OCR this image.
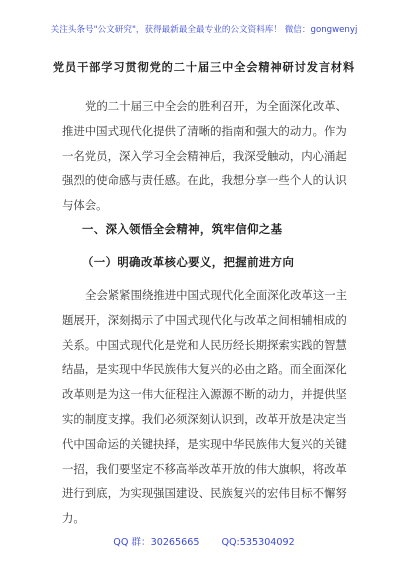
关注头条号"公文研究"，获得最新最全最专业的公文资料库！ 微信：gongwenyj
党员干部学习贯彻党的二十届三中全会精神研讨发言材料
党的二十届三中全会的胜利召开，为全面深化改革、
推进中国式现代化提供了清晰的指南和强大的动力。作为
一名党员，深入学习全会精神后，我深受触动，内心涌起
强烈的使命感与责任感。在此，我想分享一些个人的认识
与体会。
一、深入领悟全会精神，筑牢信仰之基
（一）明确改革核心要义，把握前进方向
全会紧紧围绕推进中国式现代化全面深化改革这一主
题展开，深刻揭示了中国式现代化与改革之间相辅相成的
关系。中国式现代化是党和人民历经长期探索实践的智慧
结晶，是实现中华民族伟大复兴的必由之路。而全面深化
改革则是为这一伟大征程注入源源不断的动力，并提供坚
实的制度支撑。我们必须深刻认识到，改革开放是决定当
代中国命运的关键抉择，是实现中华民族伟大复兴的关键
一招，我们要坚定不移高举改革开放的伟大旗帜，将改革
进行到底，为实现强国建设、民族复兴的宏伟目标不懈努
力。
QQ 群：30265665 QQ:535304092
